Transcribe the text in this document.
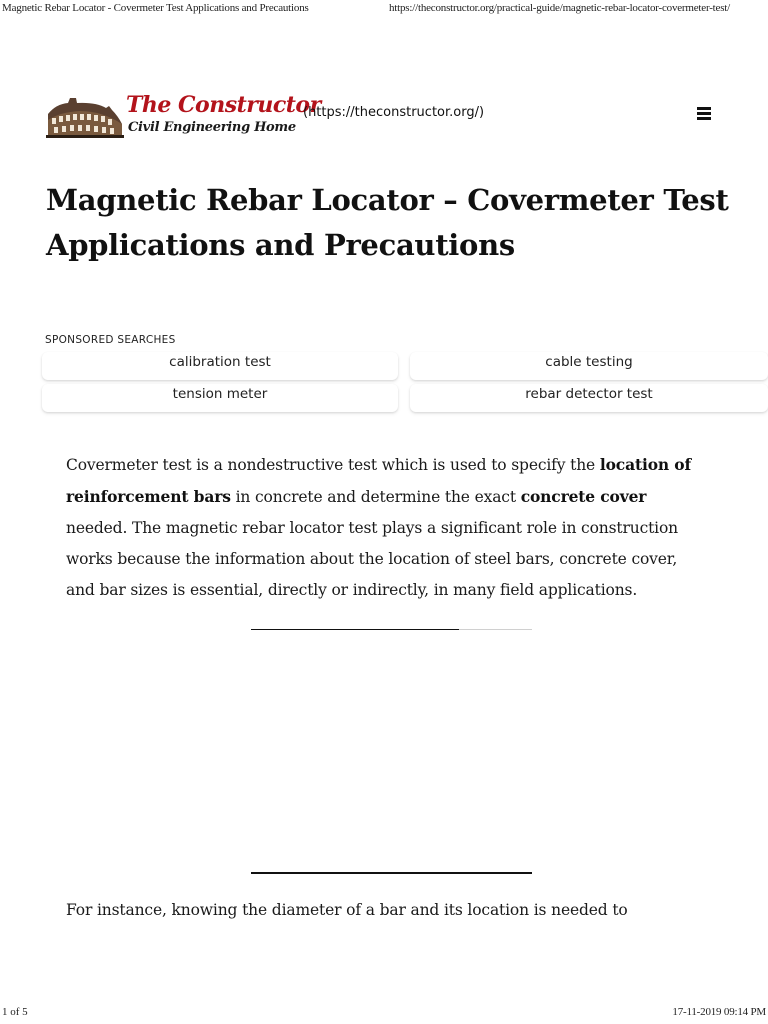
Magnetic Rebar Locator - Covermeter Test Applications and Precautions	https://theconstructor.org/practical-guide/magnetic-rebar-locator-covermeter-test/
The Constructor
Civil Engineering Home
(https://theconstructor.org/)
Magnetic Rebar Locator – Covermeter Test
Applications and Precautions
SPONSORED SEARCHES
calibration test	cable testing
tension meter	rebar detector test

Covermeter test is a nondestructive test which is used to specify the location of reinforcement bars in concrete and determine the exact concrete cover needed. The magnetic rebar locator test plays a significant role in construction works because the information about the location of steel bars, concrete cover, and bar sizes is essential, directly or indirectly, in many field applications.

For instance, knowing the diameter of a bar and its location is needed to

1 of 5	17-11-2019 09:14 PM
